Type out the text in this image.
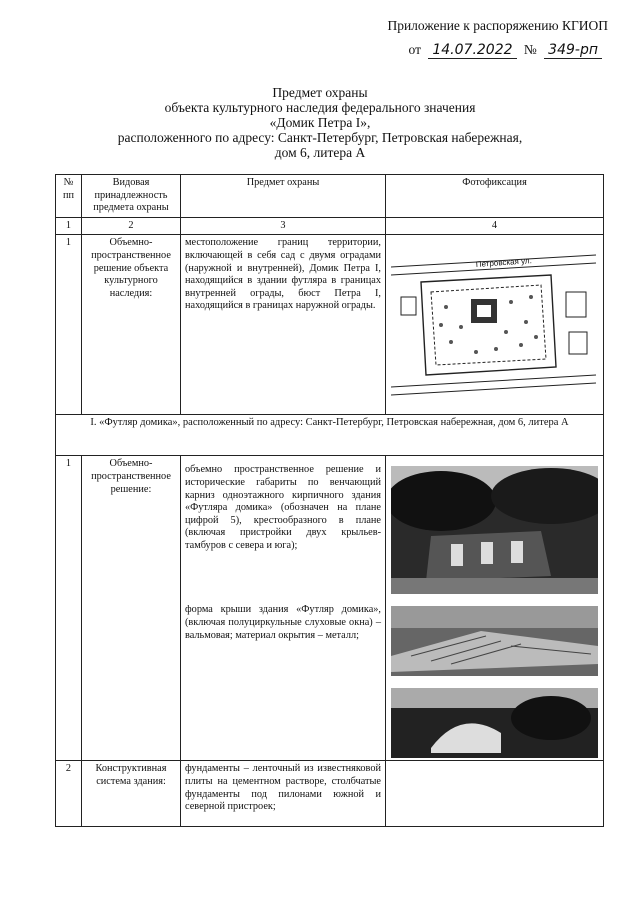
Приложение к распоряжению КГИОП
от 14.07.2022 № 349-рп
Предмет охраны
объекта культурного наследия федерального значения
«Домик Петра I»,
расположенного по адресу: Санкт-Петербург, Петровская набережная,
дом 6, литера А
№ пп	Видовая принадлежность предмета охраны	Предмет охраны	Фотофиксация
1	2	3	4
1	Объемно-пространственное решение объекта культурного наследия:	местоположение границ территории, включающей в себя сад с двумя оградами (наружной и внутренней), Домик Петра I, находящийся в здании футляра в границах внутренней ограды, бюст Петра I, находящийся в границах наружной ограды.	Петровская ул.

I. «Футляр домика», расположенный по адресу: Санкт-Петербург, Петровская набережная, дом 6, литера А			
1	Объемно-пространственное решение:	объемно пространственное решение и исторические габариты по венчающий карниз одноэтажного кирпичного здания «Футляра домика» (обозначен на плане цифрой 5), крестообразного в плане (включая пристройки двух крыльев-тамбуров с севера и юга);
форма крыши здания «Футляр домика», (включая полуциркульные слуховые окна) – вальмовая; материал окрытия – металл;

2	Конструктивная система здания:	фундаменты – ленточный из известняковой плиты на цементном растворе, столбчатые фундаменты под пилонами южной и северной пристроек;	
